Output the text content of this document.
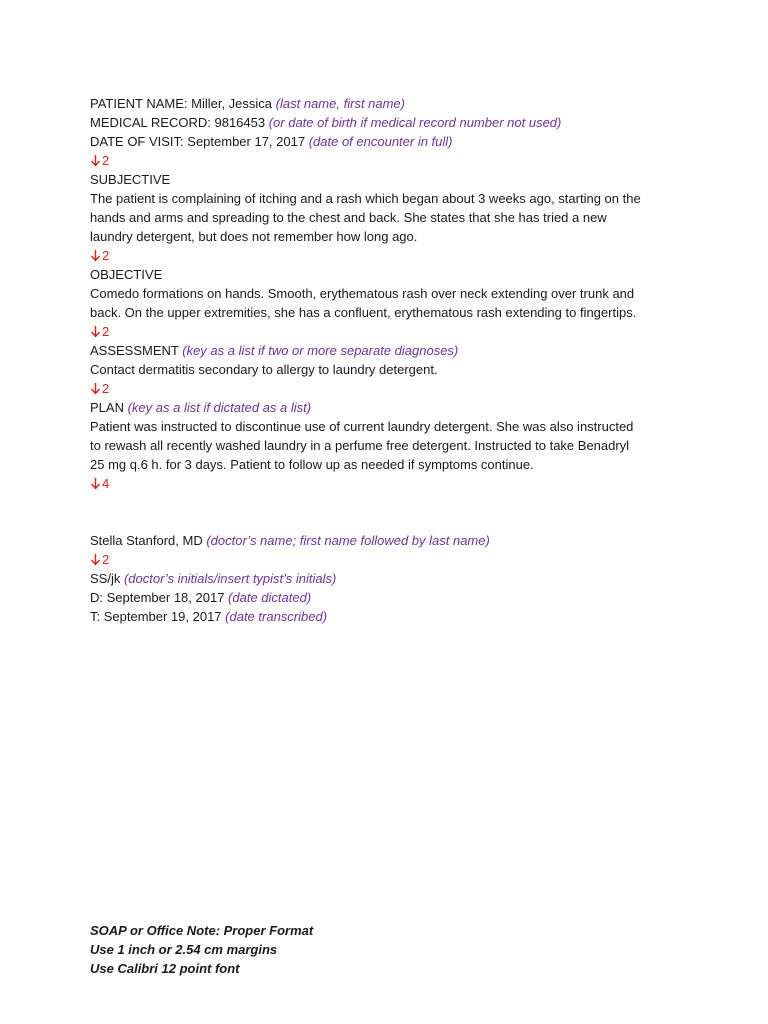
PATIENT NAME: Miller, Jessica (last name, first name)
MEDICAL RECORD: 9816453 (or date of birth if medical record number not used)
DATE OF VISIT: September 17, 2017 (date of encounter in full)
2
SUBJECTIVE
The patient is complaining of itching and a rash which began about 3 weeks ago, starting on the
hands and arms and spreading to the chest and back. She states that she has tried a new
laundry detergent, but does not remember how long ago.
2
OBJECTIVE
Comedo formations on hands. Smooth, erythematous rash over neck extending over trunk and
back. On the upper extremities, she has a confluent, erythematous rash extending to fingertips.
2
ASSESSMENT (key as a list if two or more separate diagnoses)
Contact dermatitis secondary to allergy to laundry detergent.
2
PLAN (key as a list if dictated as a list)
Patient was instructed to discontinue use of current laundry detergent. She was also instructed
to rewash all recently washed laundry in a perfume free detergent. Instructed to take Benadryl
25 mg q.6 h. for 3 days. Patient to follow up as needed if symptoms continue.
4
Stella Stanford, MD (doctor’s name; first name followed by last name)
2
SS/jk (doctor’s initials/insert typist’s initials)
D: September 18, 2017 (date dictated)
T: September 19, 2017 (date transcribed)
SOAP or Office Note: Proper Format
Use 1 inch or 2.54 cm margins
Use Calibri 12 point font
